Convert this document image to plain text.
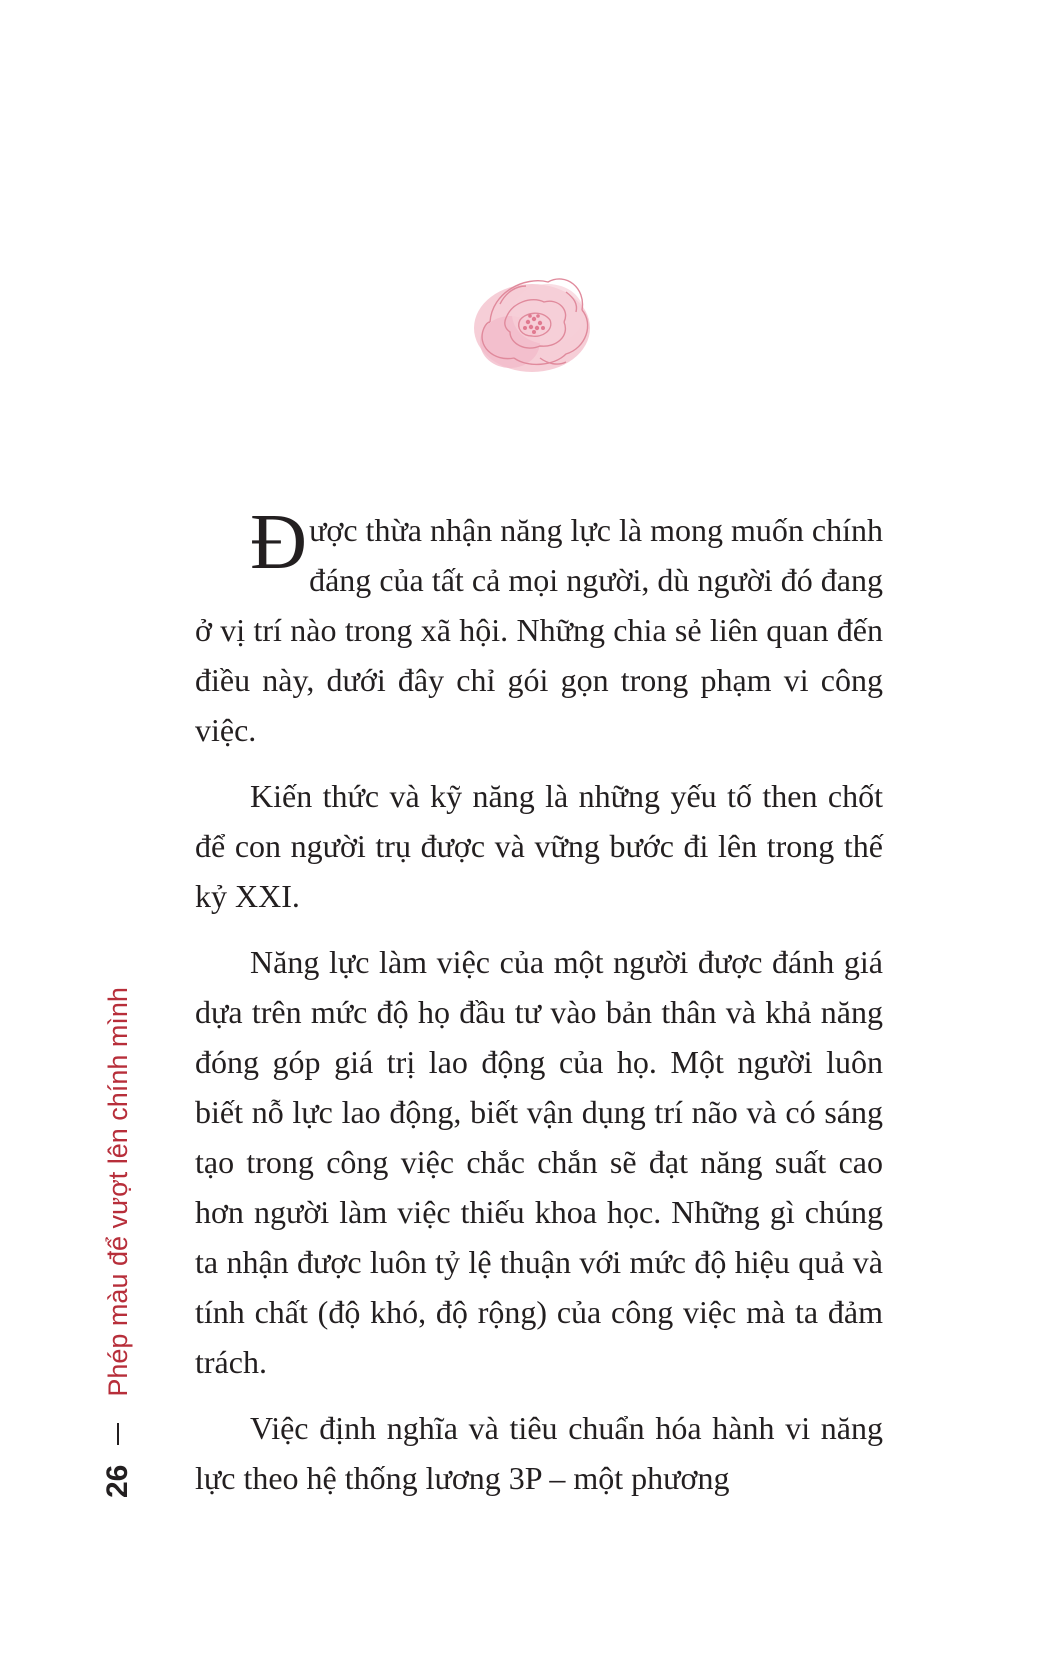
Được thừa nhận năng lực là mong muốn chính đáng của tất cả mọi người, dù người đó đang ở vị trí nào trong xã hội. Những chia sẻ liên quan đến điều này, dưới đây chỉ gói gọn trong phạm vi công việc.

Kiến thức và kỹ năng là những yếu tố then chốt để con người trụ được và vững bước đi lên trong thế kỷ XXI.

Năng lực làm việc của một người được đánh giá dựa trên mức độ họ đầu tư vào bản thân và khả năng đóng góp giá trị lao động của họ. Một người luôn biết nỗ lực lao động, biết vận dụng trí não và có sáng tạo trong công việc chắc chắn sẽ đạt năng suất cao hơn người làm việc thiếu khoa học. Những gì chúng ta nhận được luôn tỷ lệ thuận với mức độ hiệu quả và tính chất (độ khó, độ rộng) của công việc mà ta đảm trách.

Việc định nghĩa và tiêu chuẩn hóa hành vi năng lực theo hệ thống lương 3P – một phương

26
Phép màu để vượt lên chính mình
